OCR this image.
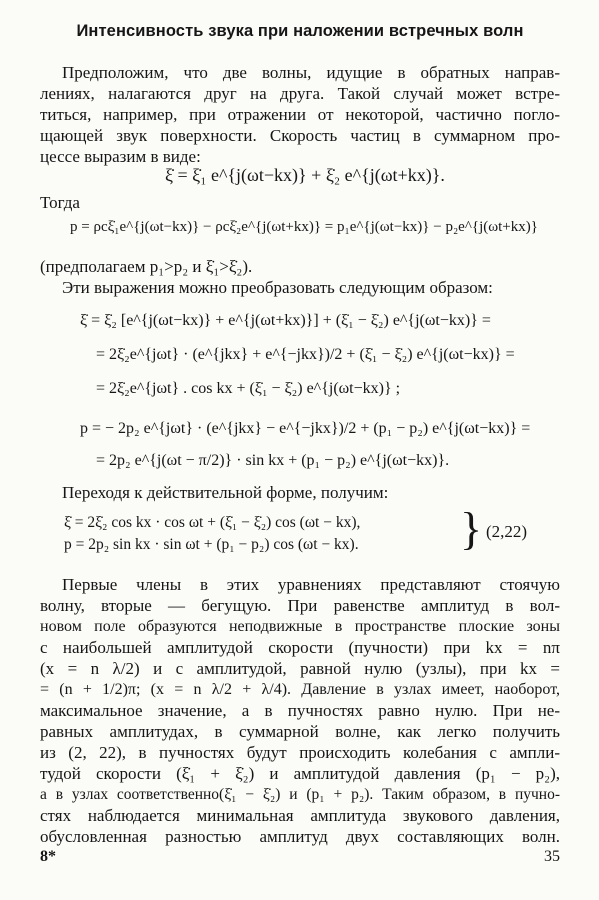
Интенсивность звука при наложении встречных волн
Предположим, что две волны, идущие в обратных направ-
лениях, налагаются друг на друга. Такой случай может встре-
титься, например, при отражении от некоторой, частично погло-
щающей звук поверхности. Скорость частиц в суммарном про-
цессе выразим в виде:
ξ̇ = ξ̇₁ e^{j(ωt−kx)} + ξ̇₂ e^{j(ωt+kx)}.
Тогда
p = ρcξ̇₁e^{j(ωt−kx)} − ρcξ̇₂e^{j(ωt+kx)} = p₁e^{j(ωt−kx)} − p₂e^{j(ωt+kx)}
(предполагаем p₁>p₂ и ξ̇₁>ξ̇₂).
Эти выражения можно преобразовать следующим образом:
ξ̇ = ξ̇₂ [e^{j(ωt−kx)} + e^{j(ωt+kx)}] + (ξ̇₁ − ξ̇₂) e^{j(ωt−kx)} =
= 2ξ̇₂e^{jωt} · (e^{jkx} + e^{−jkx})/2 + (ξ̇₁ − ξ̇₂) e^{j(ωt−kx)} =
= 2ξ̇₂e^{jωt} . cos kx + (ξ̇₁ − ξ̇₂) e^{j(ωt−kx)} ;
p = − 2p₂ e^{jωt} · (e^{jkx} − e^{−jkx})/2 + (p₁ − p₂) e^{j(ωt−kx)} =
= 2p₂ e^{j(ωt − π/2)} · sin kx + (p₁ − p₂) e^{j(ωt−kx)}.
Переходя к действительной форме, получим:
ξ̇ = 2ξ̇₂ cos kx · cos ωt + (ξ̇₁ − ξ̇₂) cos (ωt − kx),
p = 2p₂ sin kx · sin ωt + (p₁ − p₂) cos (ωt − kx). } (2,22)
Первые члены в этих уравнениях представляют стоячую
волну, вторые — бегущую. При равенстве амплитуд в вол-
новом поле образуются неподвижные в пространстве плоские зоны
с наибольшей амплитудой скорости (пучности) при kx = nπ
(x = n λ/2) и с амплитудой, равной нулю (узлы), при kx =
= (n + 1/2)π; (x = n λ/2 + λ/4). Давление в узлах имеет, наоборот,
максимальное значение, а в пучностях равно нулю. При не-
равных амплитудах, в суммарной волне, как легко получить
из (2, 22), в пучностях будут происходить колебания с ампли-
тудой скорости (ξ̇₁ + ξ̇₂) и амплитудой давления (p₁ − p₂),
а в узлах соответственно(ξ̇₁ − ξ̇₂) и (p₁ + p₂). Таким образом, в пучно-
стях наблюдается минимальная амплитуда звукового давления,
обусловленная разностью амплитуд двух составляющих волн.
8*	35
